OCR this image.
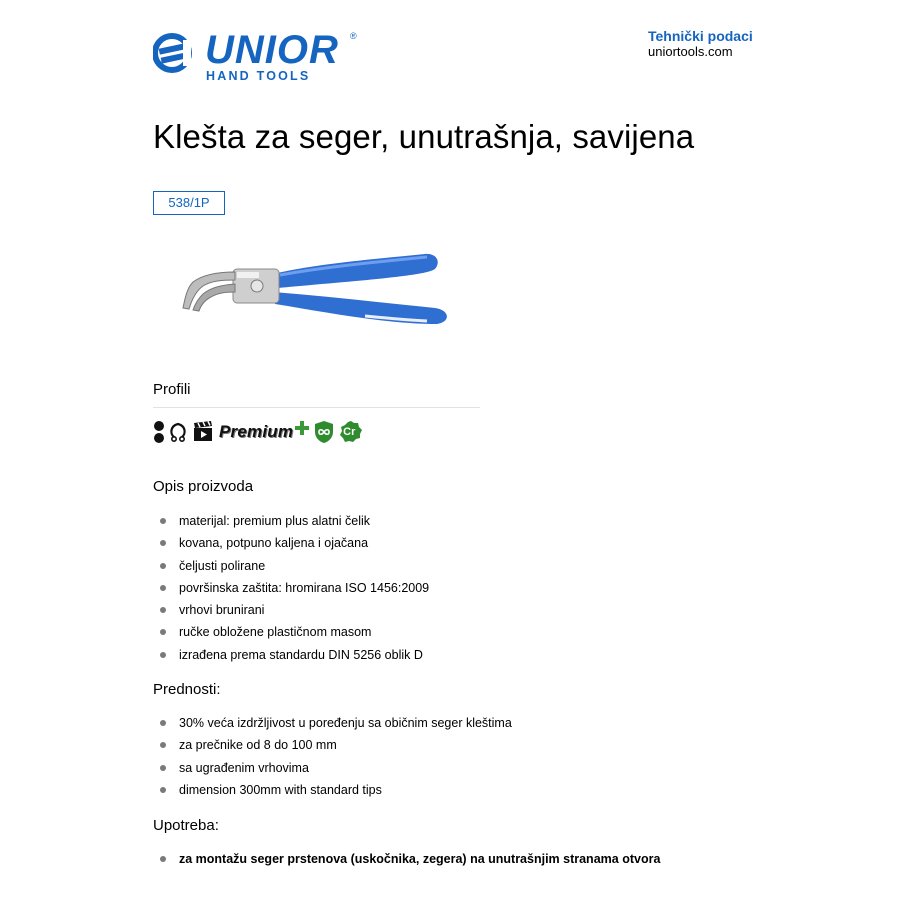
UNIOR ®
HAND TOOLS
Tehnički podaci
uniortools.com
Klešta za seger, unutrašnja, savijena
538/1P
Profili
Premium	Cr
Opis proizvoda
materijal: premium plus alatni čelik
kovana, potpuno kaljena i ojačana
čeljusti polirane
površinska zaštita: hromirana ISO 1456:2009
vrhovi brunirani
ručke obložene plastičnom masom
izrađena prema standardu DIN 5256 oblik D
Prednosti:
30% veća izdržljivost u poređenju sa običnim seger kleštima
za prečnike od 8 do 100 mm
sa ugrađenim vrhovima
dimension 300mm with standard tips
Upotreba:
za montažu seger prstenova (uskočnika, zegera) na unutrašnjim stranama otvora
